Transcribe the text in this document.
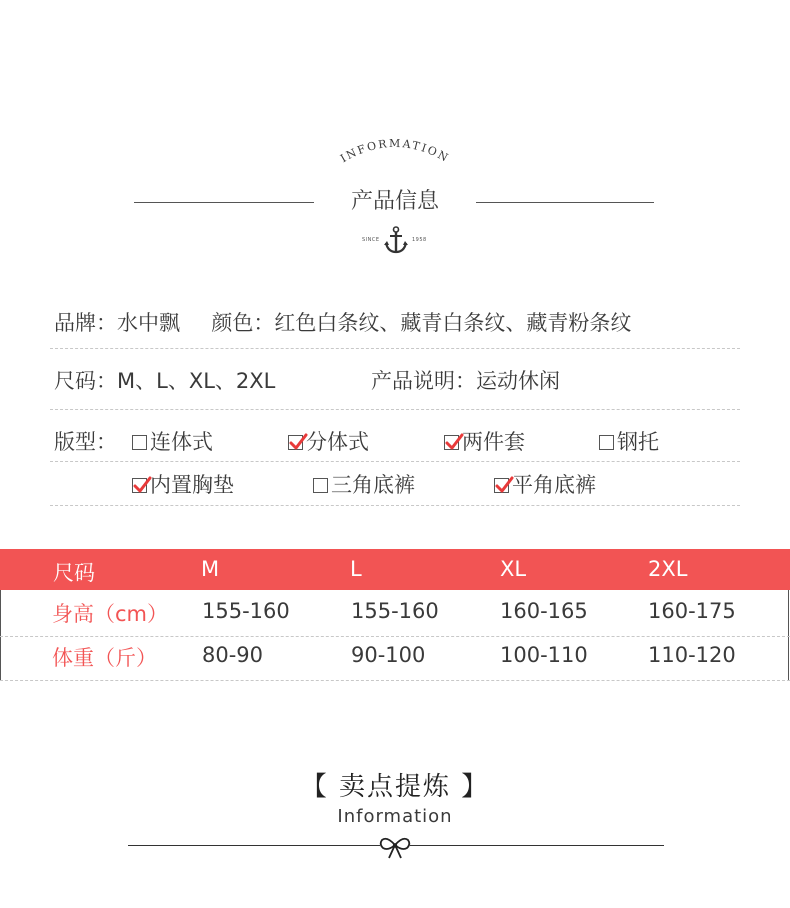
INFORMATION
产品信息
SINCE	1958
品牌：水中飘 颜色：红色白条纹、藏青白条纹、藏青粉条纹
尺码：M、L、XL、2XL	产品说明：运动休闲
版型： 连体式	分体式	两件套	钢托
内置胸垫	三角底裤	平角底裤
尺码	M	L	XL	2XL
身高（cm） 155-160	155-160	160-165	160-175
体重（斤） 80-90	90-100	100-110	110-120
【 卖点提炼 】
Information
